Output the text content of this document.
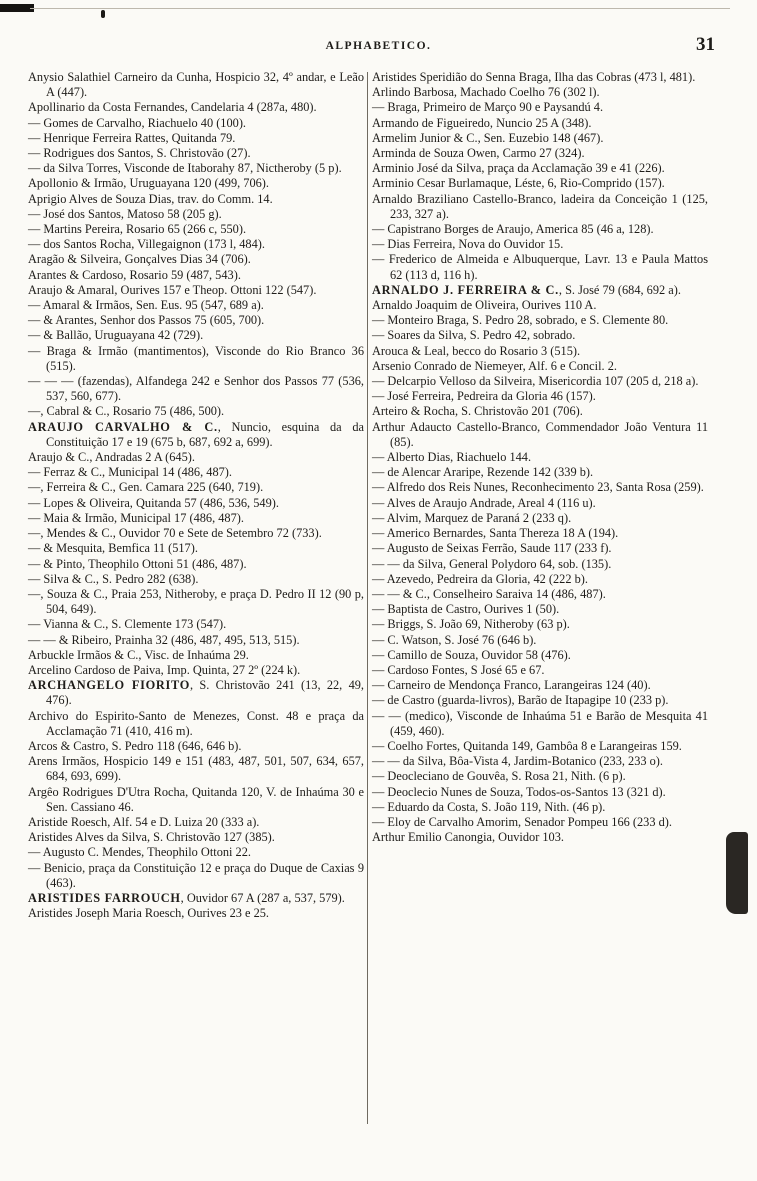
ALPHABETICO.	31

Anysio Salathiel Carneiro da Cunha, Hospicio 32, 4º andar, e Leão A (447).

Apollinario da Costa Fernandes, Candelaria 4 (287a, 480).

— Gomes de Carvalho, Riachuelo 40 (100).

— Henrique Ferreira Rattes, Quitanda 79.

— Rodrigues dos Santos, S. Christovão (27).

— da Silva Torres, Visconde de Itaborahy 87, Nictheroby (5 p).

Apollonio & Irmão, Uruguayana 120 (499, 706).

Aprigio Alves de Souza Dias, trav. do Comm. 14.

— José dos Santos, Matoso 58 (205 g).

— Martins Pereira, Rosario 65 (266 c, 550).

— dos Santos Rocha, Villegaignon (173 l, 484).

Aragão & Silveira, Gonçalves Dias 34 (706).

Arantes & Cardoso, Rosario 59 (487, 543).

Araujo & Amaral, Ourives 157 e Theop. Ottoni 122 (547).

— Amaral & Irmãos, Sen. Eus. 95 (547, 689 a).

— & Arantes, Senhor dos Passos 75 (605, 700).

— & Ballão, Uruguayana 42 (729).

— Braga & Irmão (mantimentos), Visconde do Rio Branco 36 (515).

— — — (fazendas), Alfandega 242 e Senhor dos Passos 77 (536, 537, 560, 677).

—, Cabral & C., Rosario 75 (486, 500).

ARAUJO CARVALHO & C., Nuncio, esquina da da Constituição 17 e 19 (675 b, 687, 692 a, 699).

Araujo & C., Andradas 2 A (645).

— Ferraz & C., Municipal 14 (486, 487).

—, Ferreira & C., Gen. Camara 225 (640, 719).

— Lopes & Oliveira, Quitanda 57 (486, 536, 549).

— Maia & Irmão, Municipal 17 (486, 487).

—, Mendes & C., Ouvidor 70 e Sete de Setembro 72 (733).

— & Mesquita, Bemfica 11 (517).

— & Pinto, Theophilo Ottoni 51 (486, 487).

— Silva & C., S. Pedro 282 (638).

—, Souza & C., Praia 253, Nitheroby, e praça D. Pedro II 12 (90 p, 504, 649).

— Vianna & C., S. Clemente 173 (547).

— — & Ribeiro, Prainha 32 (486, 487, 495, 513, 515).

Arbuckle Irmãos & C., Visc. de Inhaúma 29.

Arcelino Cardoso de Paiva, Imp. Quinta, 27 2º (224 k).

ARCHANGELO FIORITO, S. Christovão 241 (13, 22, 49, 476).

Archivo do Espirito-Santo de Menezes, Const. 48 e praça da Acclamação 71 (410, 416 m).

Arcos & Castro, S. Pedro 118 (646, 646 b).

Arens Irmãos, Hospicio 149 e 151 (483, 487, 501, 507, 634, 657, 684, 693, 699).

Argêo Rodrigues D'Utra Rocha, Quitanda 120, V. de Inhaúma 30 e Sen. Cassiano 46.

Aristide Roesch, Alf. 54 e D. Luiza 20 (333 a).

Aristides Alves da Silva, S. Christovão 127 (385).

— Augusto C. Mendes, Theophilo Ottoni 22.

— Benicio, praça da Constituição 12 e praça do Duque de Caxias 9 (463).

ARISTIDES FARROUCH, Ouvidor 67 A (287 a, 537, 579).

Aristides Joseph Maria Roesch, Ourives 23 e 25.

Aristides Speridião do Senna Braga, Ilha das Cobras (473 l, 481).

Arlindo Barbosa, Machado Coelho 76 (302 l).

— Braga, Primeiro de Março 90 e Paysandú 4.

Armando de Figueiredo, Nuncio 25 A (348).

Armelim Junior & C., Sen. Euzebio 148 (467).

Arminda de Souza Owen, Carmo 27 (324).

Arminio José da Silva, praça da Acclamação 39 e 41 (226).

Arminio Cesar Burlamaque, Léste, 6, Rio-Comprido (157).

Arnaldo Braziliano Castello-Branco, ladeira da Conceição 1 (125, 233, 327 a).

— Capistrano Borges de Araujo, America 85 (46 a, 128).

— Dias Ferreira, Nova do Ouvidor 15.

— Frederico de Almeida e Albuquerque, Lavr. 13 e Paula Mattos 62 (113 d, 116 h).

ARNALDO J. FERREIRA & C., S. José 79 (684, 692 a).

Arnaldo Joaquim de Oliveira, Ourives 110 A.

— Monteiro Braga, S. Pedro 28, sobrado, e S. Clemente 80.

— Soares da Silva, S. Pedro 42, sobrado.

Arouca & Leal, becco do Rosario 3 (515).

Arsenio Conrado de Niemeyer, Alf. 6 e Concil. 2.

— Delcarpio Velloso da Silveira, Misericordia 107 (205 d, 218 a).

— José Ferreira, Pedreira da Gloria 46 (157).

Arteiro & Rocha, S. Christovão 201 (706).

Arthur Adaucto Castello-Branco, Commendador João Ventura 11 (85).

— Alberto Dias, Riachuelo 144.

— de Alencar Araripe, Rezende 142 (339 b).

— Alfredo dos Reis Nunes, Reconhecimento 23, Santa Rosa (259).

— Alves de Araujo Andrade, Areal 4 (116 u).

— Alvim, Marquez de Paraná 2 (233 q).

— Americo Bernardes, Santa Thereza 18 A (194).

— Augusto de Seixas Ferrão, Saude 117 (233 f).

— — da Silva, General Polydoro 64, sob. (135).

— Azevedo, Pedreira da Gloria, 42 (222 b).

— — & C., Conselheiro Saraiva 14 (486, 487).

— Baptista de Castro, Ourives 1 (50).

— Briggs, S. João 69, Nitheroby (63 p).

— C. Watson, S. José 76 (646 b).

— Camillo de Souza, Ouvidor 58 (476).

— Cardoso Fontes, S José 65 e 67.

— Carneiro de Mendonça Franco, Larangeiras 124 (40).

— de Castro (guarda-livros), Barão de Itapagipe 10 (233 p).

— — (medico), Visconde de Inhaúma 51 e Barão de Mesquita 41 (459, 460).

— Coelho Fortes, Quitanda 149, Gambôa 8 e Larangeiras 159.

— — da Silva, Bôa-Vista 4, Jardim-Botanico (233, 233 o).

— Deocleciano de Gouvêa, S. Rosa 21, Nith. (6 p).

— Deoclecio Nunes de Souza, Todos-os-Santos 13 (321 d).

— Eduardo da Costa, S. João 119, Nith. (46 p).

— Eloy de Carvalho Amorim, Senador Pompeu 166 (233 d).

Arthur Emilio Canongia, Ouvidor 103.
